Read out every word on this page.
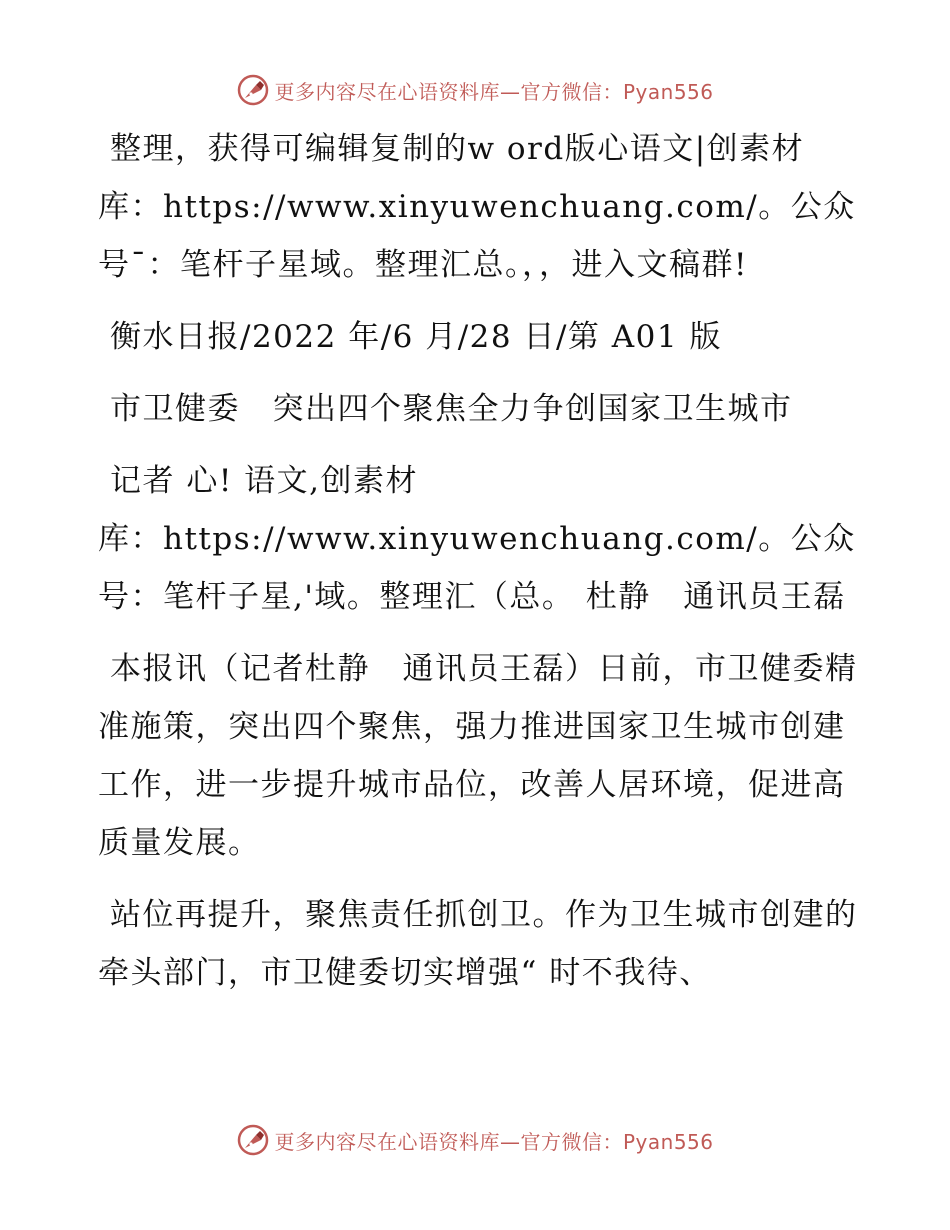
更多内容尽在心语资料库—官方微信：Pyan556

整理，获得可编辑复制的w ord版心语文|创素材库：https://www.xinyuwenchuang.com/。公众号¯：笔杆子星域。整理汇总。，，进入文稿群!

衡水日报/2022 年/6 月/28 日/第 A01 版

市卫健委　突出四个聚焦全力争创国家卫生城市

记者 心! 语文,创素材

库：https://www.xinyuwenchuang.com/。公众号：笔杆子星,'域。整理汇（总。 杜静　通讯员王磊

本报讯（记者杜静　通讯员王磊）日前，市卫健委精准施策，突出四个聚焦，强力推进国家卫生城市创建工作，进一步提升城市品位，改善人居环境，促进高质量发展。

站位再提升，聚焦责任抓创卫。作为卫生城市创建的牵头部门，市卫健委切实增强“ 时不我待、

更多内容尽在心语资料库—官方微信：Pyan556
